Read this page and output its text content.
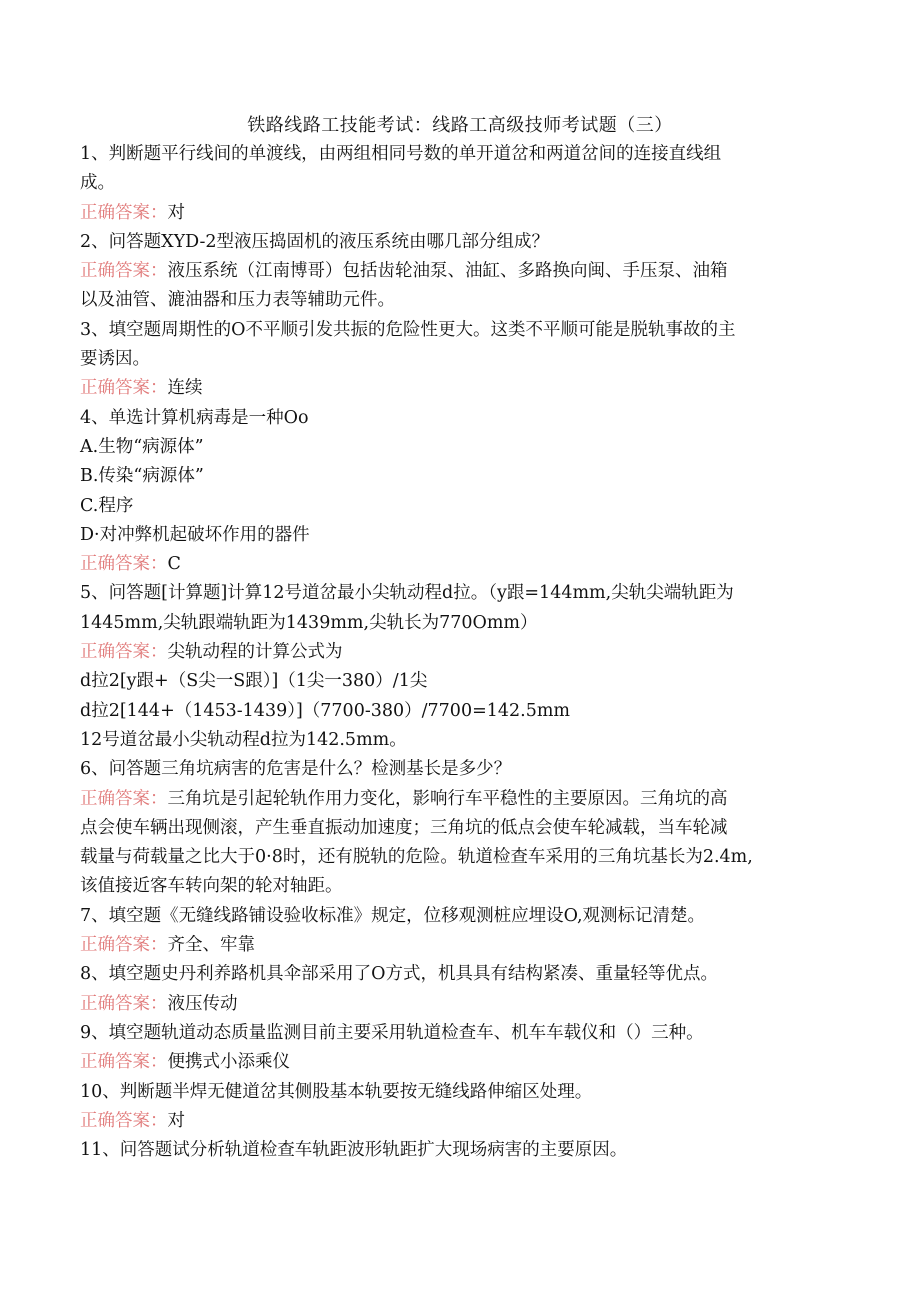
铁路线路工技能考试：线路工高级技师考试题（三）
1、判断题平行线间的单渡线，由两组相同号数的单开道岔和两道岔间的连接直线组
成。
正确答案：对
2、问答题XYD-2型液压捣固机的液压系统由哪几部分组成？
正确答案：液压系统（江南博哥）包括齿轮油泵、油缸、多路换向闽、手压泵、油箱
以及油管、漉油器和压力表等辅助元件。
3、填空题周期性的O不平顺引发共振的危险性更大。这类不平顺可能是脱轨事故的主
要诱因。
正确答案：连续
4、单选计算机病毒是一种Oo
A.生物“病源体”
B.传染“病源体”
C.程序
D·对冲弊机起破坏作用的器件
正确答案：C
5、问答题[计算题]计算12号道岔最小尖轨动程d拉。（y跟=144mm,尖轨尖端轨距为
1445mm,尖轨跟端轨距为1439mm,尖轨长为770Omm）
正确答案：尖轨动程的计算公式为
d拉2[y跟+（S尖一S跟）]（1尖一380）/1尖
d拉2[144+（1453-1439）]（7700-380）/7700=142.5mm
12号道岔最小尖轨动程d拉为142.5mm。
6、问答题三角坑病害的危害是什么？检测基长是多少？
正确答案：三角坑是引起轮轨作用力变化，影响行车平稳性的主要原因。三角坑的高
点会使车辆出现侧滚，产生垂直振动加速度；三角坑的低点会使车轮减载，当车轮减
载量与荷载量之比大于0·8时，还有脱轨的危险。轨道检查车采用的三角坑基长为2.4m,
该值接近客车转向架的轮对轴距。
7、填空题《无缝线路铺设验收标准》规定，位移观测桩应埋设O,观测标记清楚。
正确答案：齐全、牢靠
8、填空题史丹利养路机具伞部采用了O方式，机具具有结构紧凑、重量轻等优点。
正确答案：液压传动
9、填空题轨道动态质量监测目前主要采用轨道检查车、机车车载仪和（）三种。
正确答案：便携式小添乘仪
10、判断题半焊无健道岔其侧股基本轨要按无缝线路伸缩区处理。
正确答案：对
11、问答题试分析轨道检查车轨距波形轨距扩大现场病害的主要原因。
